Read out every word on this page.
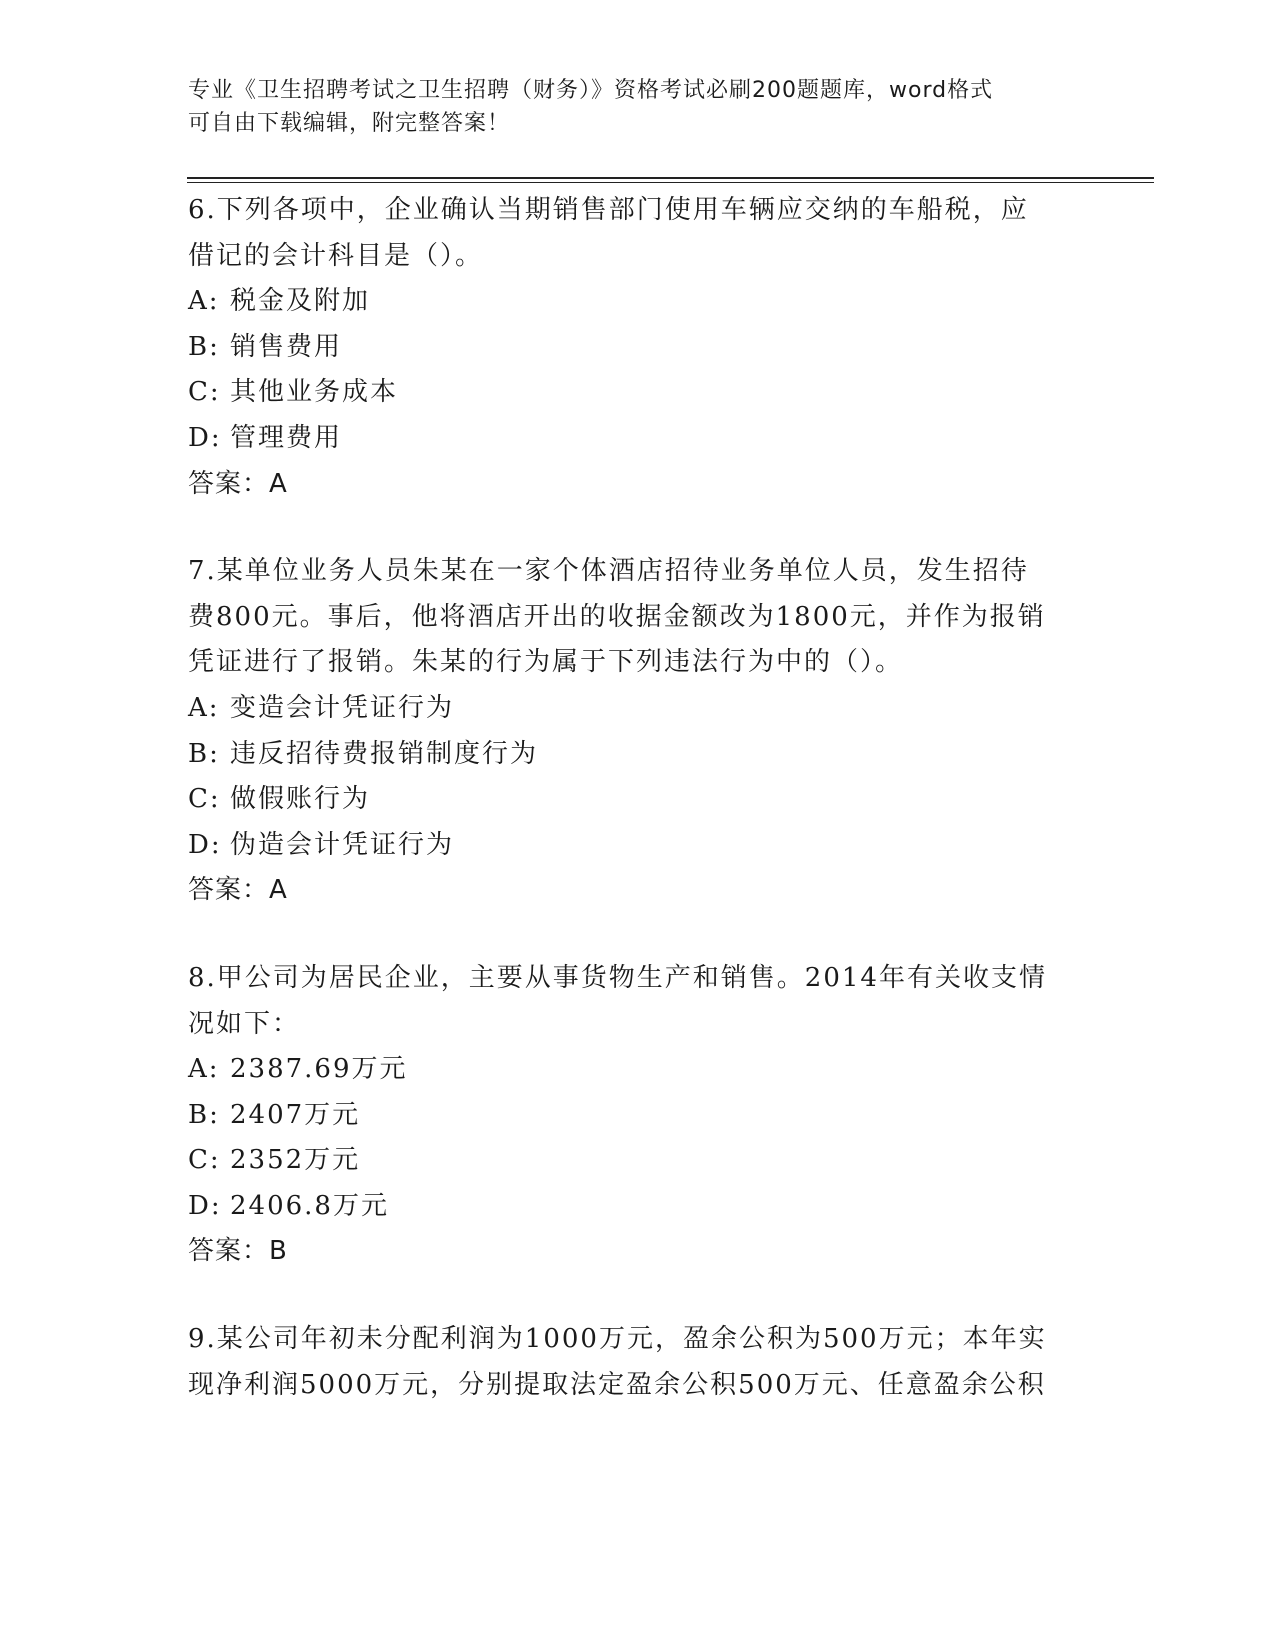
专业《卫生招聘考试之卫生招聘（财务）》资格考试必刷200题题库，word格式
可自由下载编辑，附完整答案！

6.下列各项中，企业确认当期销售部门使用车辆应交纳的车船税，应

借记的会计科目是（）。

A: 税金及附加

B: 销售费用

C: 其他业务成本

D: 管理费用

答案：A

7.某单位业务人员朱某在一家个体酒店招待业务单位人员，发生招待

费800元。事后，他将酒店开出的收据金额改为1800元，并作为报销

凭证进行了报销。朱某的行为属于下列违法行为中的（）。

A: 变造会计凭证行为

B: 违反招待费报销制度行为

C: 做假账行为

D: 伪造会计凭证行为

答案：A

8.甲公司为居民企业，主要从事货物生产和销售。2014年有关收支情

况如下：

A: 2387.69万元

B: 2407万元

C: 2352万元

D: 2406.8万元

答案：B

9.某公司年初未分配利润为1000万元，盈余公积为500万元；本年实

现净利润5000万元，分别提取法定盈余公积500万元、任意盈余公积
